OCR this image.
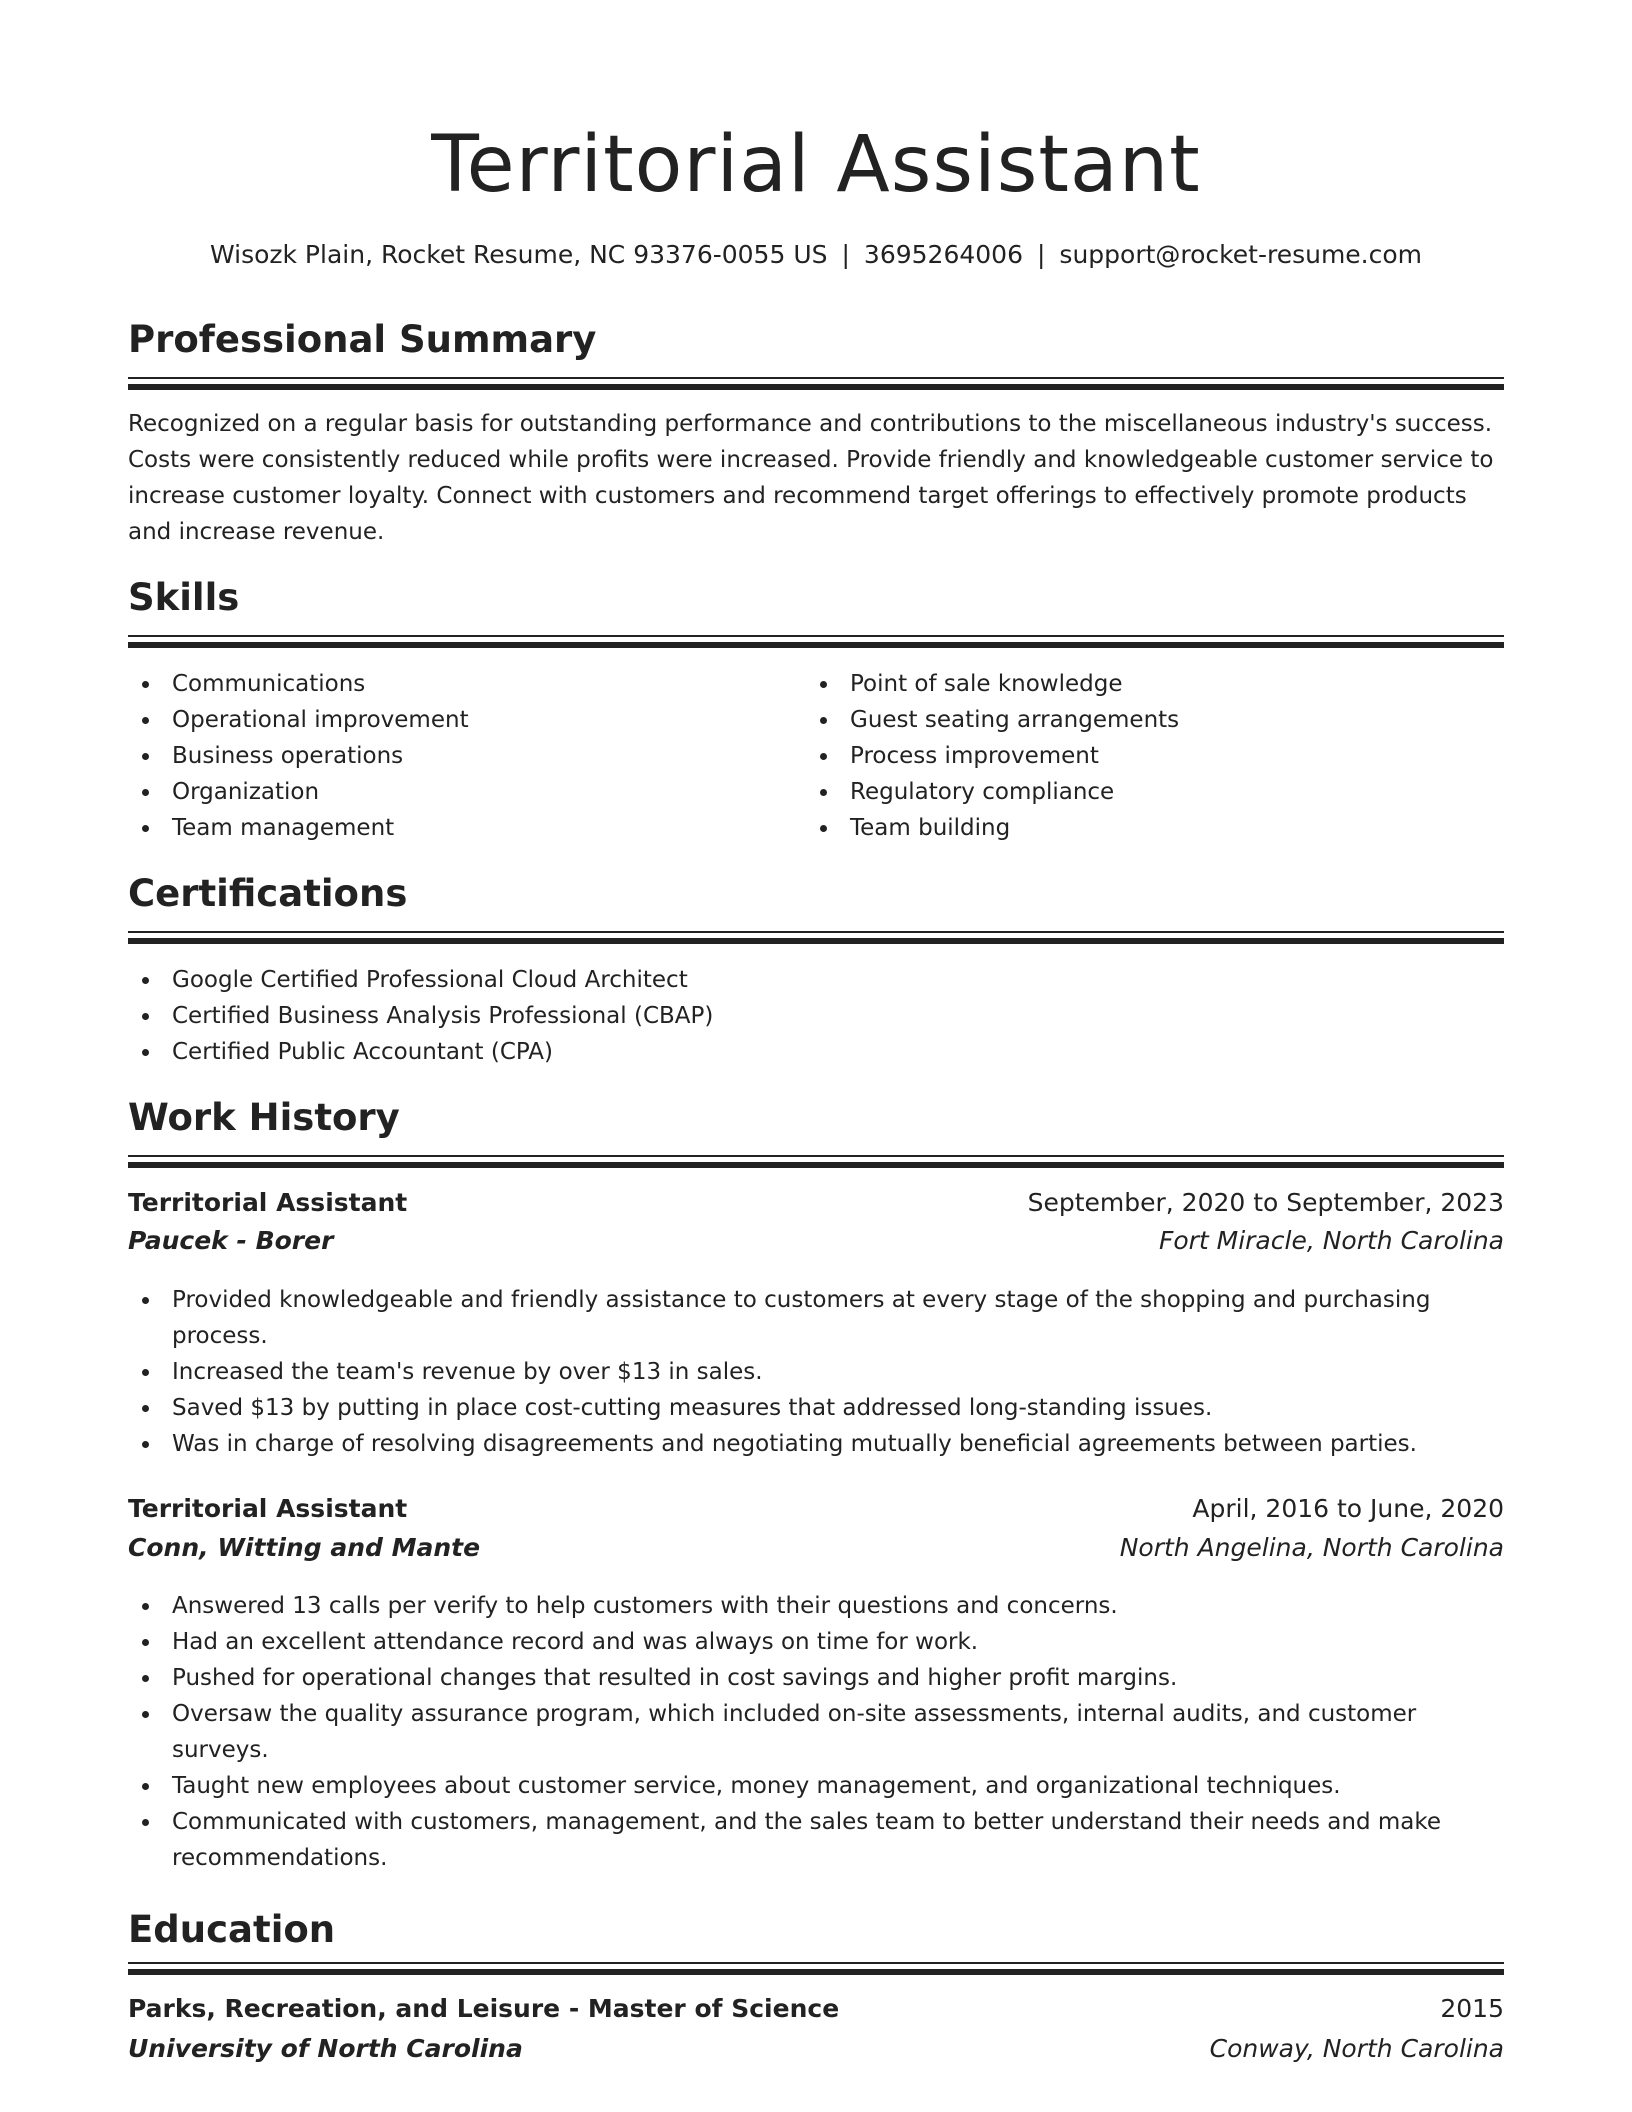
Territorial Assistant
Wisozk Plain, Rocket Resume, NC 93376-0055 US | 3695264006 | support@rocket-resume.com
Professional Summary

Recognized on a regular basis for outstanding performance and contributions to the miscellaneous industry's success. Costs were consistently reduced while profits were increased. Provide friendly and knowledgeable customer service to increase customer loyalty. Connect with customers and recommend target offerings to effectively promote products and increase revenue.

Skills
Communications
Operational improvement
Business operations
Organization
Team management
Point of sale knowledge
Guest seating arrangements
Process improvement
Regulatory compliance
Team building
Certifications
Google Certified Professional Cloud Architect
Certified Business Analysis Professional (CBAP)
Certified Public Accountant (CPA)
Work History
Territorial Assistant	September, 2020 to September, 2023
Paucek - Borer	Fort Miracle, North Carolina
Provided knowledgeable and friendly assistance to customers at every stage of the shopping and purchasing process.
Increased the team's revenue by over $13 in sales.
Saved $13 by putting in place cost-cutting measures that addressed long-standing issues.
Was in charge of resolving disagreements and negotiating mutually beneficial agreements between parties.
Territorial Assistant	April, 2016 to June, 2020
Conn, Witting and Mante	North Angelina, North Carolina
Answered 13 calls per verify to help customers with their questions and concerns.
Had an excellent attendance record and was always on time for work.
Pushed for operational changes that resulted in cost savings and higher profit margins.
Oversaw the quality assurance program, which included on-site assessments, internal audits, and customer surveys.
Taught new employees about customer service, money management, and organizational techniques.
Communicated with customers, management, and the sales team to better understand their needs and make recommendations.
Education
Parks, Recreation, and Leisure - Master of Science	2015
University of North Carolina	Conway, North Carolina
